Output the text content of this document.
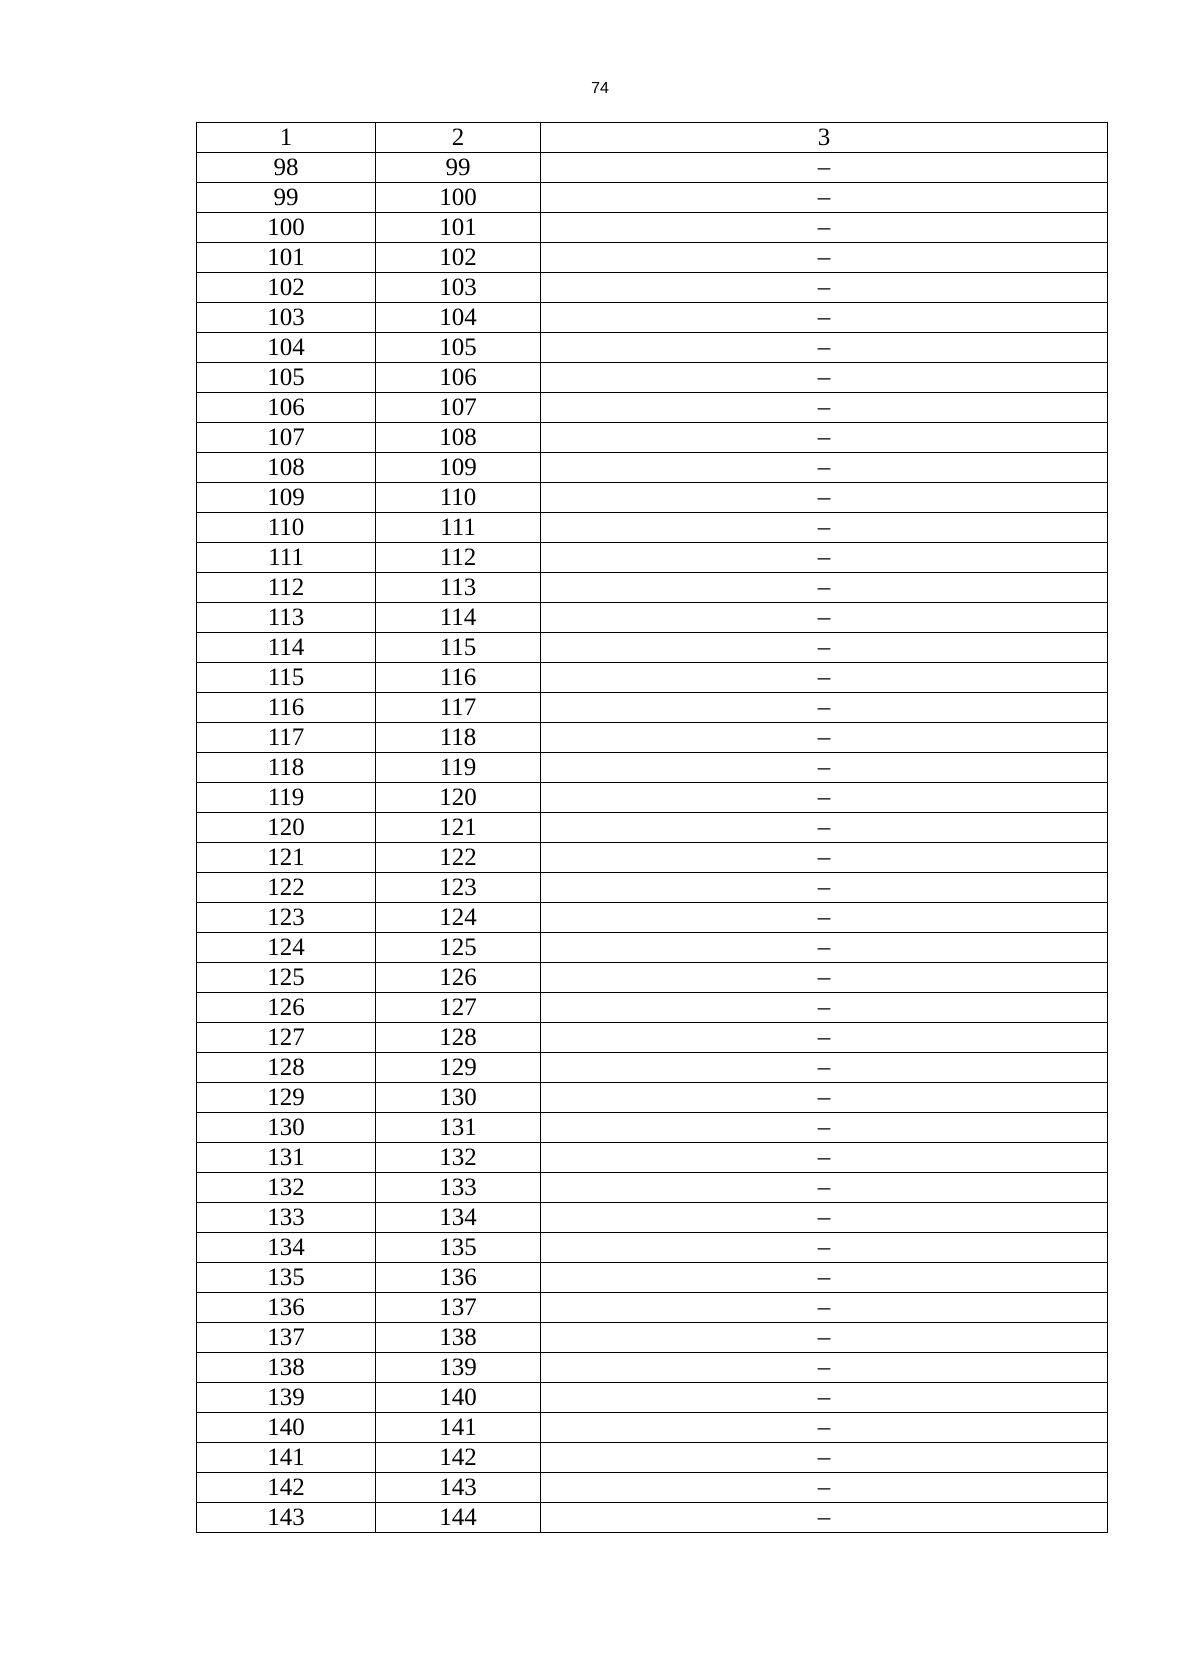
74
1	2	3
98	99	–
99	100	–
100	101	–
101	102	–
102	103	–
103	104	–
104	105	–
105	106	–
106	107	–
107	108	–
108	109	–
109	110	–
110	111	–
111	112	–
112	113	–
113	114	–
114	115	–
115	116	–
116	117	–
117	118	–
118	119	–
119	120	–
120	121	–
121	122	–
122	123	–
123	124	–
124	125	–
125	126	–
126	127	–
127	128	–
128	129	–
129	130	–
130	131	–
131	132	–
132	133	–
133	134	–
134	135	–
135	136	–
136	137	–
137	138	–
138	139	–
139	140	–
140	141	–
141	142	–
142	143	–
143	144	–
